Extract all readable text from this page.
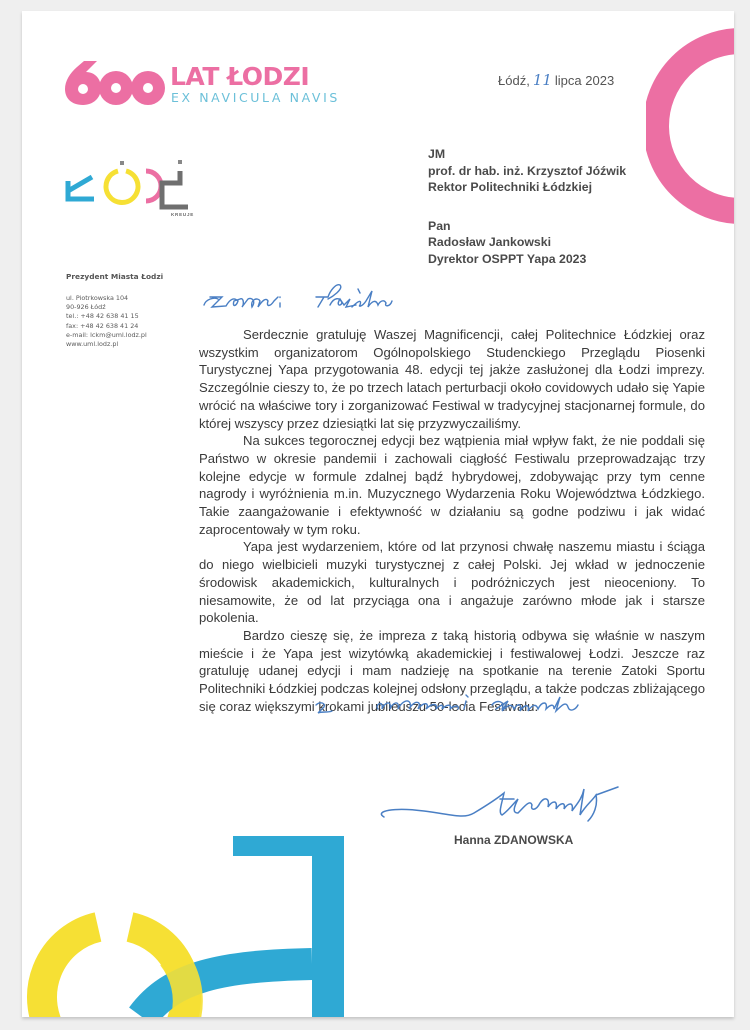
LAT ŁODZI
EX NAVICULA NAVIS
KREUJE
Łódź, 11 lipca 2023
JM
prof. dr hab. inż. Krzysztof Jóźwik
Rektor Politechniki Łódzkiej
Pan
Radosław Jankowski
Dyrektor OSPPT Yapa 2023
Prezydent Miasta Łodzi
ul. Piotrkowska 104
90-926 Łódź
tel.: +48 42 638 41 15
fax: +48 42 638 41 24
e-mail: lckm@uml.lodz.pl
www.uml.lodz.pl

Serdecznie gratuluję Waszej Magnificencji, całej Politechnice Łódzkiej oraz wszystkim organizatorom Ogólnopolskiego Studenckiego Przeglądu Piosenki Turystycznej Yapa przygotowania 48. edycji tej jakże zasłużonej dla Łodzi imprezy. Szczególnie cieszy to, że po trzech latach perturbacji około covidowych udało się Yapie wrócić na właściwe tory i zorganizować Festiwal w tradycyjnej stacjonarnej formule, do której wszyscy przez dziesiątki lat się przyzwyczailiśmy.

Na sukces tegorocznej edycji bez wątpienia miał wpływ fakt, że nie poddali się Państwo w okresie pandemii i zachowali ciągłość Festiwalu przeprowadzając trzy kolejne edycje w formule zdalnej bądź hybrydowej, zdobywając przy tym cenne nagrody i wyróżnienia m.in. Muzycznego Wydarzenia Roku Województwa Łódzkiego. Takie zaangażowanie i efektywność w działaniu są godne podziwu i jak widać zaprocentowały w tym roku.

Yapa jest wydarzeniem, które od lat przynosi chwałę naszemu miastu i ściąga do niego wielbicieli muzyki turystycznej z całej Polski. Jej wkład w jednoczenie środowisk akademickich, kulturalnych i podróżniczych jest nieoceniony. To niesamowite, że od lat przyciąga ona i angażuje zarówno młode jak i starsze pokolenia.

Bardzo cieszę się, że impreza z taką historią odbywa się właśnie w naszym mieście i że Yapa jest wizytówką akademickiej i festiwalowej Łodzi. Jeszcze raz gratuluję udanej edycji i mam nadzieję na spotkanie na terenie Zatoki Sportu Politechniki Łódzkiej podczas kolejnej odsłony przeglądu, a także podczas zbliżającego się coraz większymi krokami jubileuszu 50-lecia Festiwalu.

Hanna ZDANOWSKA
